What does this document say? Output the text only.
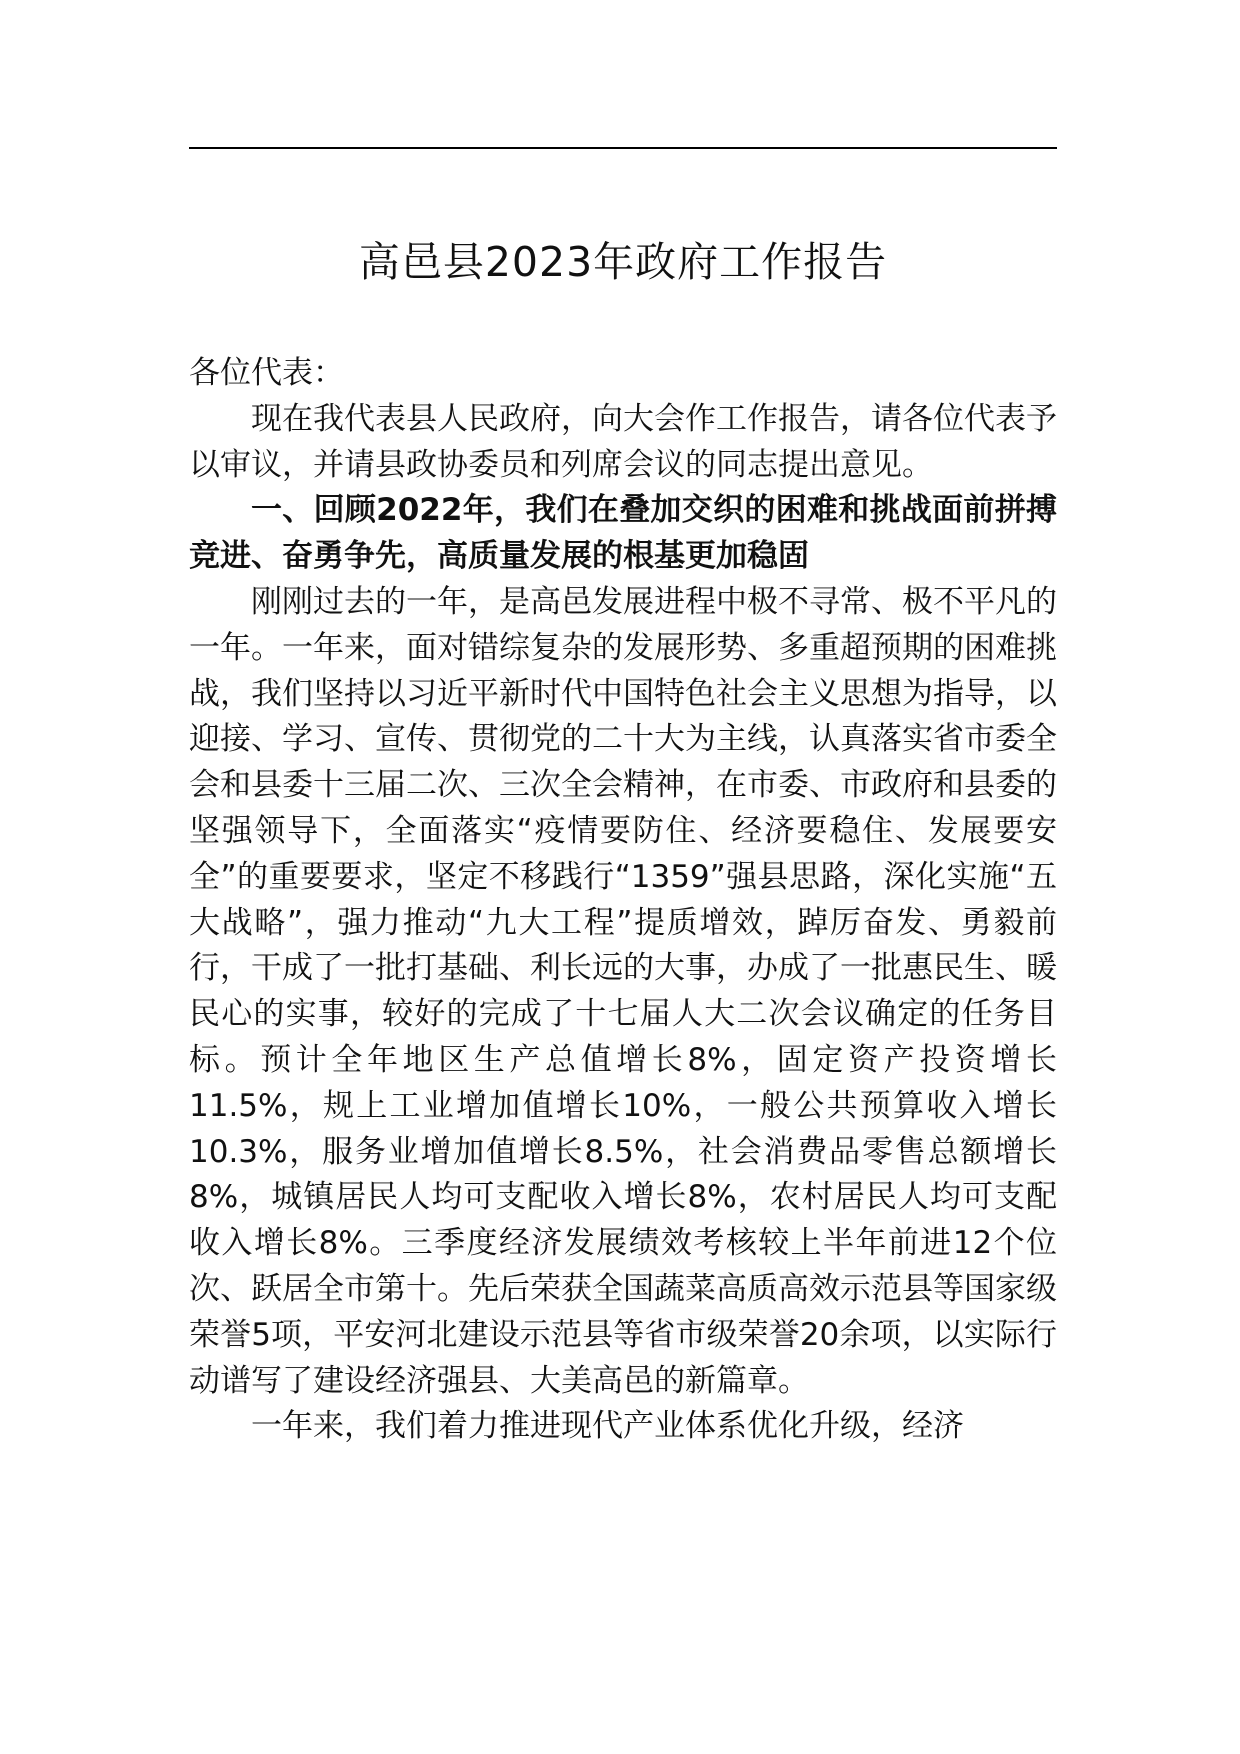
高邑县2023年政府工作报告

各位代表：

现在我代表县人民政府，向大会作工作报告，请各位代表予以审议，并请县政协委员和列席会议的同志提出意见。

一、回顾2022年，我们在叠加交织的困难和挑战面前拼搏竞进、奋勇争先，高质量发展的根基更加稳固

刚刚过去的一年，是高邑发展进程中极不寻常、极不平凡的一年。一年来，面对错综复杂的发展形势、多重超预期的困难挑战，我们坚持以习近平新时代中国特色社会主义思想为指导，以迎接、学习、宣传、贯彻党的二十大为主线，认真落实省市委全会和县委十三届二次、三次全会精神，在市委、市政府和县委的坚强领导下，全面落实“疫情要防住、经济要稳住、发展要安全”的重要要求，坚定不移践行“1359”强县思路，深化实施“五大战略”，强力推动“九大工程”提质增效，踔厉奋发、勇毅前行，干成了一批打基础、利长远的大事，办成了一批惠民生、暖民心的实事，较好的完成了十七届人大二次会议确定的任务目标。预计全年地区生产总值增长8%，固定资产投资增长11.5%，规上工业增加值增长10%，一般公共预算收入增长10.3%，服务业增加值增长8.5%，社会消费品零售总额增长8%，城镇居民人均可支配收入增长8%，农村居民人均可支配收入增长8%。三季度经济发展绩效考核较上半年前进12个位次、跃居全市第十。先后荣获全国蔬菜高质高效示范县等国家级荣誉5项，平安河北建设示范县等省市级荣誉20余项，以实际行动谱写了建设经济强县、大美高邑的新篇章。

一年来，我们着力推进现代产业体系优化升级，经济
